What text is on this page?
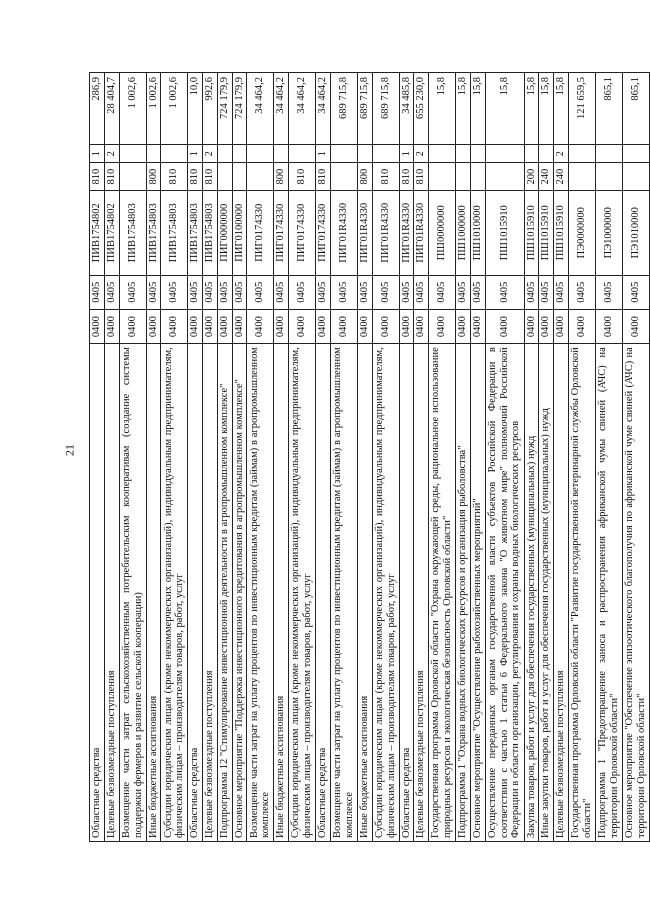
21
Областные средства	0400	0405	ПИВ1754802	810	1	286,9
Целевые безвозмездные поступления	0400	0405	ПИВ1754802	810	2	28 404,7
Возмещение части затрат сельскохозяйственным потребительским кооперативам (создание системы поддержки фермеров и развитие сельской кооперации)	0400	0405	ПИВ1754803			1 002,6
Иные бюджетные ассигнования	0400	0405	ПИВ1754803	800		1 002,6
Субсидии юридическим лицам (кроме некоммерческих организаций), индивидуальным предпринимателям, физическим лицам – производителям товаров, работ, услуг	0400	0405	ПИВ1754803	810		1 002,6
Областные средства	0400	0405	ПИВ1754803	810	1	10,0
Целевые безвозмездные поступления	0400	0405	ПИВ1754803	810	2	992,6
Подпрограмма 12 "Стимулирование инвестиционной деятельности в агропромышленном комплексе"	0400	0405	ПИГ0000000			724 179,9
Основное мероприятие "Поддержка инвестиционного кредитования в агропромышленном комплексе"	0400	0405	ПИГ0100000			724 179,9
Возмещение части затрат на уплату процентов по инвестиционным кредитам (займам) в агропромышленном комплексе	0400	0405	ПИГ0174330			34 464,2
Иные бюджетные ассигнования	0400	0405	ПИГ0174330	800		34 464,2
Субсидии юридическим лицам (кроме некоммерческих организаций), индивидуальным предпринимателям, физическим лицам – производителям товаров, работ, услуг	0400	0405	ПИГ0174330	810		34 464,2
Областные средства	0400	0405	ПИГ0174330	810	1	34 464,2
Возмещение части затрат на уплату процентов по инвестиционным кредитам (займам) в агропромышленном комплексе	0400	0405	ПИГ01R4330			689 715,8
Иные бюджетные ассигнования	0400	0405	ПИГ01R4330	800		689 715,8
Субсидии юридическим лицам (кроме некоммерческих организаций), индивидуальным предпринимателям, физическим лицам – производителям товаров, работ, услуг	0400	0405	ПИГ01R4330	810		689 715,8
Областные средства	0400	0405	ПИГ01R4330	810	1	34 485,8
Целевые безвозмездные поступления	0400	0405	ПИГ01R4330	810	2	655 230,0
Государственная программа Орловской области "Охрана окружающей среды, рациональное использование природных ресурсов и экологическая безопасность Орловской области"	0400	0405	ПШ0000000			15,8
Подпрограмма 1 "Охрана водных биологических ресурсов и организация рыболовства"	0400	0405	ПШ1000000			15,8
Основное мероприятие "Осуществление рыбохозяйственных мероприятий"	0400	0405	ПШ1010000			15,8
Осуществление переданных органам государственной власти субъектов Российской Федерации в соответствии с частью 1 статьи 6 Федерального закона "О животном мире" полномочий Российской Федерации в области организации, регулирования и охраны водных биологических ресурсов	0400	0405	ПШ1015910			15,8
Закупка товаров, работ и услуг для обеспечения государственных (муниципальных) нужд	0400	0405	ПШ1015910	200		15,8
Иные закупки товаров, работ и услуг для обеспечения государственных (муниципальных) нужд	0400	0405	ПШ1015910	240		15,8
Целевые безвозмездные поступления	0400	0405	ПШ1015910	240	2	15,8
Государственная программа Орловской области "Развитие государственной ветеринарной службы Орловской области"	0400	0405	ПЭ0000000			121 659,5
Подпрограмма 1 "Предотвращение заноса и распространения африканской чумы свиней (АЧС) на территории Орловской области"	0400	0405	ПЭ1000000			865,1
Основное мероприятие "Обеспечение эпизоотического благополучия по африканской чуме свиней (АЧС) на территории Орловской области"	0400	0405	ПЭ1010000			865,1
